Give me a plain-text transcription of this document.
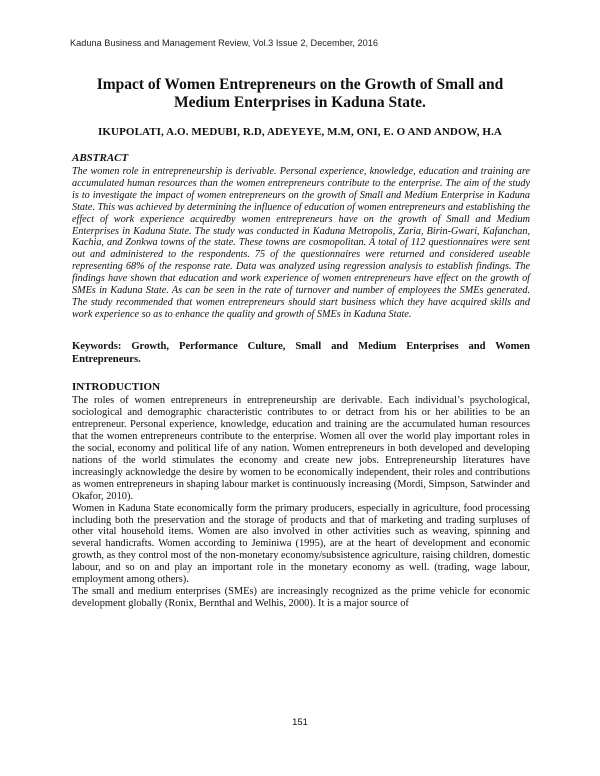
Kaduna Business and Management Review, Vol.3 Issue 2, December, 2016
Impact of Women Entrepreneurs on the Growth of Small and
Medium Enterprises in Kaduna State.
IKUPOLATI, A.O. MEDUBI, R.D, ADEYEYE, M.M, ONI, E. O AND ANDOW, H.A
ABSTRACT

The women role in entrepreneurship is derivable. Personal experience, knowledge, education and training are accumulated human resources than the women entrepreneurs contribute to the enterprise. The aim of the study is to investigate the impact of women entrepreneurs on the growth of Small and Medium Enterprise in Kaduna State. This was achieved by determining the influence of education of women entrepreneurs and establishing the effect of work experience acquiredby women entrepreneurs have on the growth of Small and Medium Enterprises in Kaduna State. The study was conducted in Kaduna Metropolis, Zaria, Birin-Gwari, Kafanchan, Kachia, and Zonkwa towns of the state. These towns are cosmopolitan. A total of 112 questionnaires were sent out and administered to the respondents. 75 of the questionnaires were returned and considered useable representing 68% of the response rate. Data was analyzed using regression analysis to establish findings. The findings have shown that education and work experience of women entrepreneurs have effect on the growth of SMEs in Kaduna State. As can be seen in the rate of turnover and number of employees the SMEs generated. The study recommended that women entrepreneurs should start business which they have acquired skills and work experience so as to enhance the quality and growth of SMEs in Kaduna State.

Keywords: Growth, Performance Culture, Small and Medium Enterprises and Women Entrepreneurs.

INTRODUCTION

The roles of women entrepreneurs in entrepreneurship are derivable. Each individual’s psychological, sociological and demographic characteristic contributes to or detract from his or her abilities to be an entrepreneur. Personal experience, knowledge, education and training are the accumulated human resources that the women entrepreneurs contribute to the enterprise. Women all over the world play important roles in the social, economy and political life of any nation. Women entrepreneurs in both developed and developing nations of the world stimulates the economy and create new jobs. Entrepreneurship literatures have increasingly acknowledge the desire by women to be economically independent, their roles and contributions as women entrepreneurs in shaping labour market is continuously increasing (Mordi, Simpson, Satwinder and Okafor, 2010).

Women in Kaduna State economically form the primary producers, especially in agriculture, food processing including both the preservation and the storage of products and that of marketing and trading surpluses of other vital household items. Women are also involved in other activities such as weaving, spinning and several handicrafts. Women according to Jeminiwa (1995), are at the heart of development and economic growth, as they control most of the non-monetary economy/subsistence agriculture, raising children, domestic labour, and so on and play an important role in the monetary economy as well. (trading, wage labour, employment among others).

The small and medium enterprises (SMEs) are increasingly recognized as the prime vehicle for economic development globally (Ronix, Bernthal and Welhis, 2000). It is a major source of

151
